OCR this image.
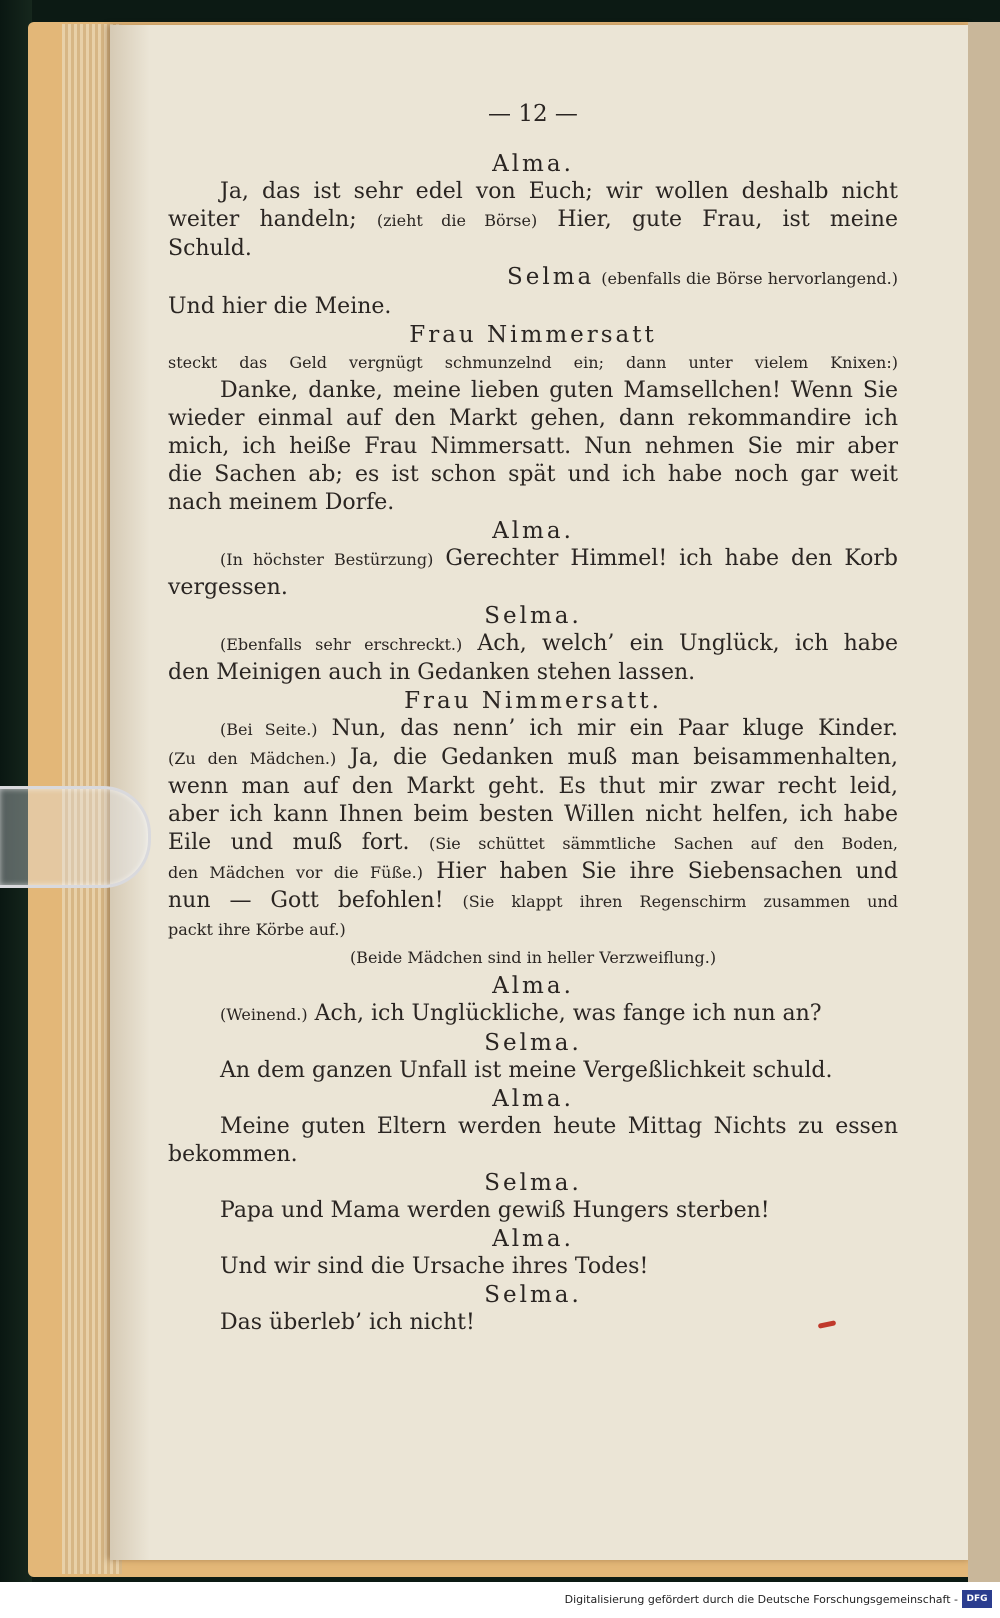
— 12 —
Alma.
Ja, das ist sehr edel von Euch; wir wollen deshalb nicht
weiter handeln; (zieht die Börse) Hier, gute Frau, ist meine
Schuld.
Selma (ebenfalls die Börse hervorlangend.)
Und hier die Meine.
Frau Nimmersatt
steckt das Geld vergnügt schmunzelnd ein; dann unter vielem Knixen:)
Danke, danke, meine lieben guten Mamsellchen! Wenn Sie
wieder einmal auf den Markt gehen, dann rekommandire ich
mich, ich heiße Frau Nimmersatt. Nun nehmen Sie mir aber
die Sachen ab; es ist schon spät und ich habe noch gar weit
nach meinem Dorfe.
Alma.
(In höchster Bestürzung) Gerechter Himmel! ich habe den Korb
vergessen.
Selma.
(Ebenfalls sehr erschreckt.) Ach, welch’ ein Unglück, ich habe
den Meinigen auch in Gedanken stehen lassen.
Frau Nimmersatt.
(Bei Seite.) Nun, das nenn’ ich mir ein Paar kluge Kinder.
(Zu den Mädchen.) Ja, die Gedanken muß man beisammenhalten,
wenn man auf den Markt geht. Es thut mir zwar recht leid,
aber ich kann Ihnen beim besten Willen nicht helfen, ich habe
Eile und muß fort. (Sie schüttet sämmtliche Sachen auf den Boden,
den Mädchen vor die Füße.) Hier haben Sie ihre Siebensachen und
nun — Gott befohlen! (Sie klappt ihren Regenschirm zusammen und
packt ihre Körbe auf.)
(Beide Mädchen sind in heller Verzweiflung.)
Alma.
(Weinend.) Ach, ich Unglückliche, was fange ich nun an?
Selma.
An dem ganzen Unfall ist meine Vergeßlichkeit schuld.
Alma.
Meine guten Eltern werden heute Mittag Nichts zu essen
bekommen.
Selma.
Papa und Mama werden gewiß Hungers sterben!
Alma.
Und wir sind die Ursache ihres Todes!
Selma.
Das überleb’ ich nicht!
Digitalisierung gefördert durch die Deutsche Forschungsgemeinschaft - DFG
